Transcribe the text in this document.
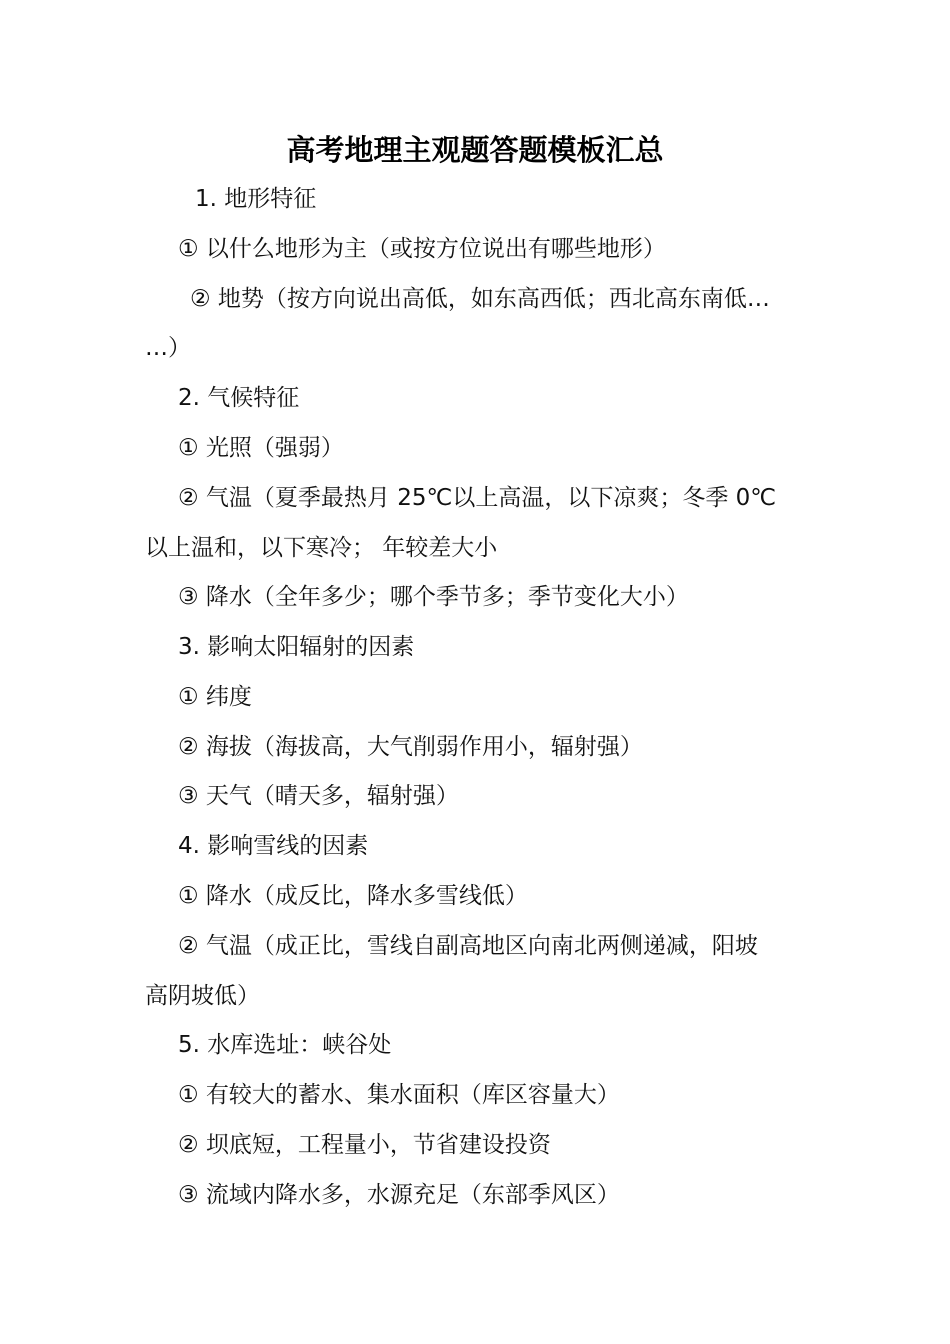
高考地理主观题答题模板汇总
1. 地形特征
① 以什么地形为主（或按方位说出有哪些地形）
② 地势（按方向说出高低，如东高西低；西北高东南低…
…）
2. 气候特征
① 光照（强弱）
② 气温（夏季最热月 25℃以上高温，以下凉爽；冬季 0℃
以上温和，以下寒冷； 年较差大小
③ 降水（全年多少；哪个季节多；季节变化大小）
3. 影响太阳辐射的因素
① 纬度
② 海拔（海拔高，大气削弱作用小，辐射强）
③ 天气（晴天多，辐射强）
4. 影响雪线的因素
① 降水（成反比，降水多雪线低）
② 气温（成正比，雪线自副高地区向南北两侧递减，阳坡
高阴坡低）
5. 水库选址：峡谷处
① 有较大的蓄水、集水面积（库区容量大）
② 坝底短，工程量小，节省建设投资
③ 流域内降水多，水源充足（东部季风区）
